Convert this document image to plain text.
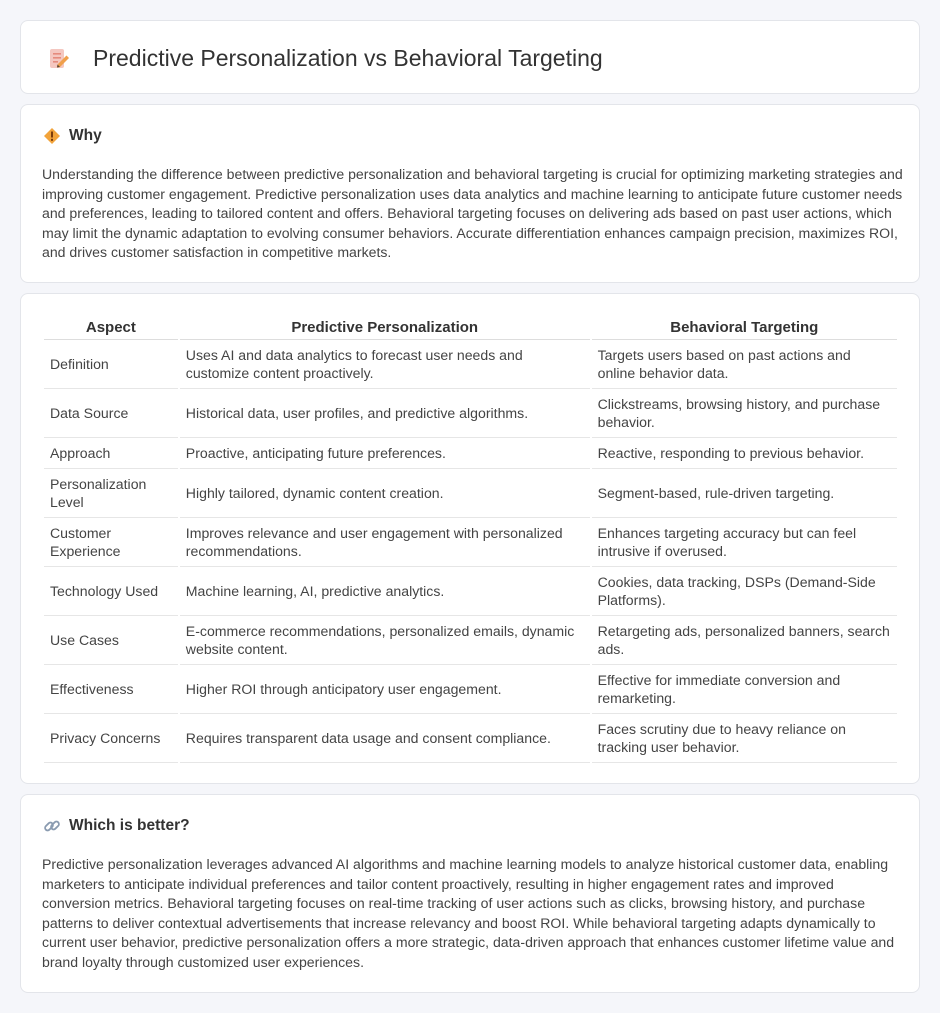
Predictive Personalization vs Behavioral Targeting
Why

Understanding the difference between predictive personalization and behavioral targeting is crucial for optimizing marketing strategies and improving customer engagement. Predictive personalization uses data analytics and machine learning to anticipate future customer needs and preferences, leading to tailored content and offers. Behavioral targeting focuses on delivering ads based on past user actions, which may limit the dynamic adaptation to evolving consumer behaviors. Accurate differentiation enhances campaign precision, maximizes ROI, and drives customer satisfaction in competitive markets.

Aspect	Predictive Personalization	Behavioral Targeting
Definition	Uses AI and data analytics to forecast user needs and customize content proactively.	Targets users based on past actions and online behavior data.
Data Source	Historical data, user profiles, and predictive algorithms.	Clickstreams, browsing history, and purchase behavior.
Approach	Proactive, anticipating future preferences.	Reactive, responding to previous behavior.
Personalization Level	Highly tailored, dynamic content creation.	Segment-based, rule-driven targeting.
Customer Experience	Improves relevance and user engagement with personalized recommendations.	Enhances targeting accuracy but can feel intrusive if overused.
Technology Used	Machine learning, AI, predictive analytics.	Cookies, data tracking, DSPs (Demand-Side Platforms).
Use Cases	E-commerce recommendations, personalized emails, dynamic website content.	Retargeting ads, personalized banners, search ads.
Effectiveness	Higher ROI through anticipatory user engagement.	Effective for immediate conversion and remarketing.
Privacy Concerns	Requires transparent data usage and consent compliance.	Faces scrutiny due to heavy reliance on tracking user behavior.
Which is better?

Predictive personalization leverages advanced AI algorithms and machine learning models to analyze historical customer data, enabling marketers to anticipate individual preferences and tailor content proactively, resulting in higher engagement rates and improved conversion metrics. Behavioral targeting focuses on real-time tracking of user actions such as clicks, browsing history, and purchase patterns to deliver contextual advertisements that increase relevancy and boost ROI. While behavioral targeting adapts dynamically to current user behavior, predictive personalization offers a more strategic, data-driven approach that enhances customer lifetime value and brand loyalty through customized user experiences.
